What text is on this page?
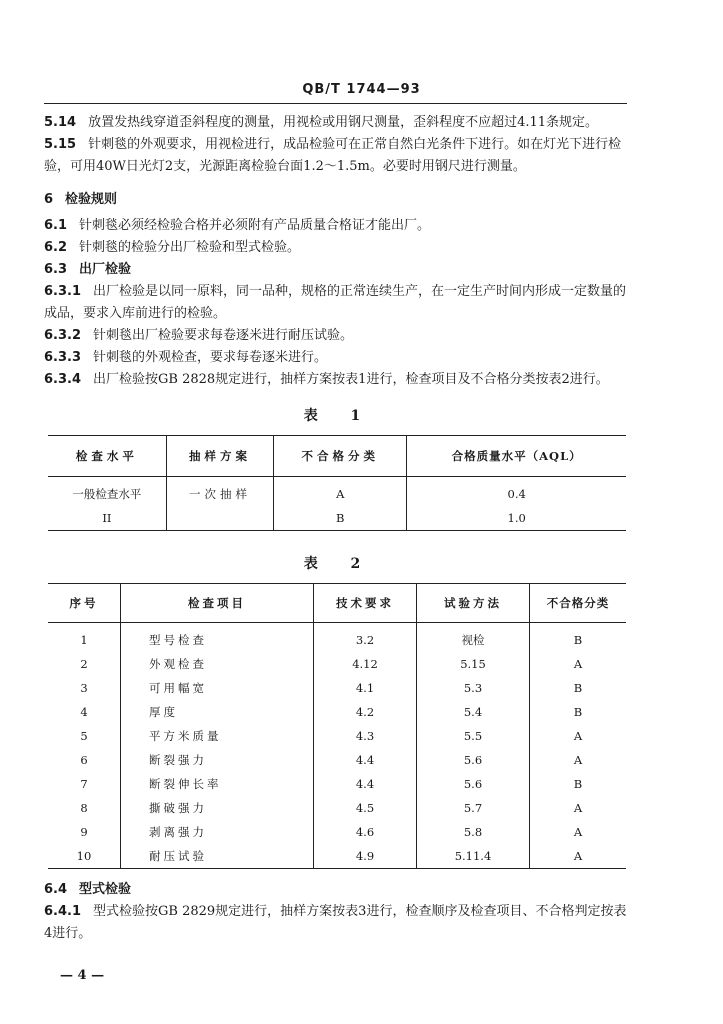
QB/T 1744—93

5.14 放置发热线穿道歪斜程度的测量，用视检或用钢尺测量，歪斜程度不应超过4.11条规定。

5.15 针刺毯的外观要求，用视检进行，成品检验可在正常自然白光条件下进行。如在灯光下进行检验，可用40W日光灯2支，光源距离检验台面1.2～1.5m。必要时用钢尺进行测量。

6 检验规则

6.1 针刺毯必须经检验合格并必须附有产品质量合格证才能出厂。

6.2 针刺毯的检验分出厂检验和型式检验。

6.3 出厂检验

6.3.1 出厂检验是以同一原料，同一品种，规格的正常连续生产，在一定生产时间内形成一定数量的成品，要求入库前进行的检验。

6.3.2 针刺毯出厂检验要求每卷逐米进行耐压试验。

6.3.3 针刺毯的外观检查，要求每卷逐米进行。

6.3.4 出厂检验按GB 2828规定进行，抽样方案按表1进行，检查项目及不合格分类按表2进行。

表 1
检查水平	抽样方案	不合格分类	合格质量水平（AQL）
一般检查水平	一次抽样	A	0.4
II		B	1.0
表 2
序号	检查项目	技术要求	试验方法	不合格分类
1	型号检查	3.2	视检	B
2	外观检查	4.12	5.15	A
3	可用幅宽	4.1	5.3	B
4	厚度	4.2	5.4	B
5	平方米质量	4.3	5.5	A
6	断裂强力	4.4	5.6	A
7	断裂伸长率	4.4	5.6	B
8	撕破强力	4.5	5.7	A
9	剥离强力	4.6	5.8	A
10	耐压试验	4.9	5.11.4	A

6.4 型式检验

6.4.1 型式检验按GB 2829规定进行，抽样方案按表3进行，检查顺序及检查项目、不合格判定按表4进行。

— 4 —
